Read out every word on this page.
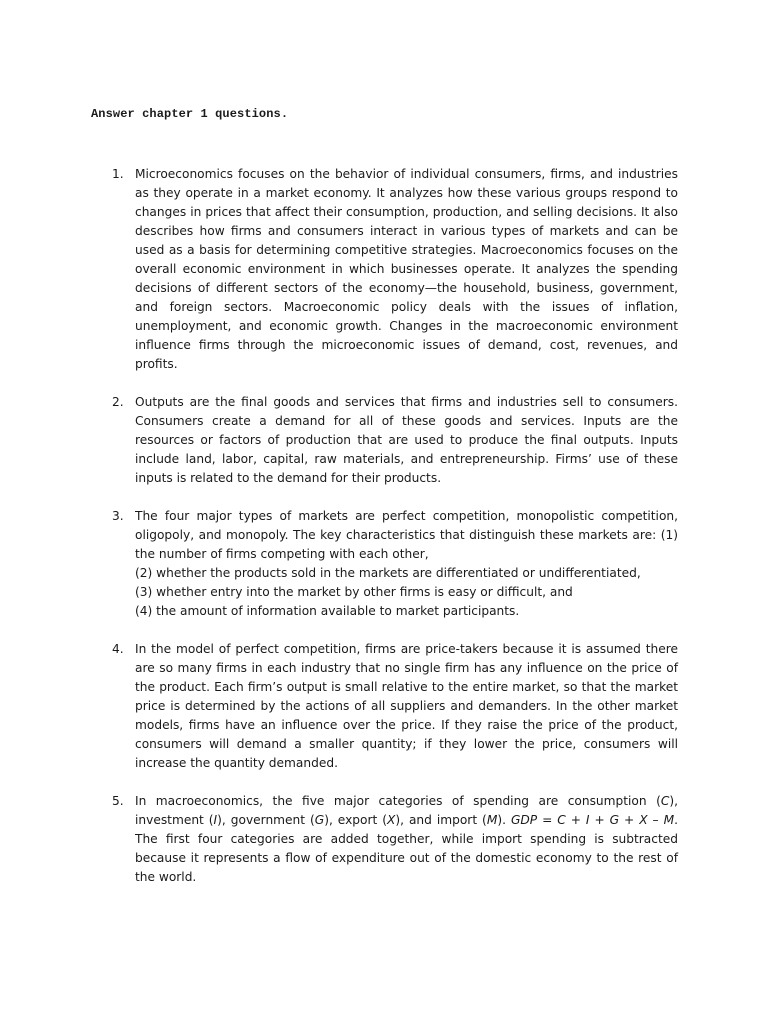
Answer chapter 1 questions.

1. Microeconomics focuses on the behavior of individual consumers, firms, and industries as they operate in a market economy. It analyzes how these various groups respond to changes in prices that affect their consumption, production, and selling decisions. It also describes how firms and consumers interact in various types of markets and can be used as a basis for determining competitive strategies. Macroeconomics focuses on the overall economic environment in which businesses operate. It analyzes the spending decisions of different sectors of the economy—the household, business, government, and foreign sectors. Macroeconomic policy deals with the issues of inflation, unemployment, and economic growth. Changes in the macroeconomic environment influence firms through the microeconomic issues of demand, cost, revenues, and profits.

2. Outputs are the final goods and services that firms and industries sell to consumers. Consumers create a demand for all of these goods and services. Inputs are the resources or factors of production that are used to produce the final outputs. Inputs include land, labor, capital, raw materials, and entrepreneurship. Firms’ use of these inputs is related to the demand for their products.

3. The four major types of markets are perfect competition, monopolistic competition, oligopoly, and monopoly. The key characteristics that distinguish these markets are: (1) the number of firms competing with each other,
(2) whether the products sold in the markets are differentiated or undifferentiated,
(3) whether entry into the market by other firms is easy or difficult, and
(4) the amount of information available to market participants.
4. In the model of perfect competition, firms are price-takers because it is assumed there are so many firms in each industry that no single firm has any influence on the price of the product. Each firm’s output is small relative to the entire market, so that the market price is determined by the actions of all suppliers and demanders. In the other market models, firms have an influence over the price. If they raise the price of the product, consumers will demand a smaller quantity; if they lower the price, consumers will increase the quantity demanded.

5. In macroeconomics, the five major categories of spending are consumption (C), investment (I), government (G), export (X), and import (M). GDP = C + I + G + X – M. The first four categories are added together, while import spending is subtracted because it represents a flow of expenditure out of the domestic economy to the rest of the world.
